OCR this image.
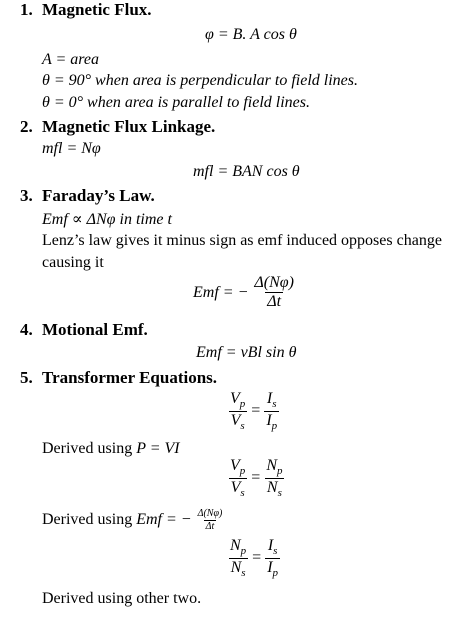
1. Magnetic Flux.
φ = B. A cos θ
A = area
θ = 90° when area is perpendicular to field lines.
θ = 0° when area is parallel to field lines.
2. Magnetic Flux Linkage.
mfl = Nφ
mfl = BAN cos θ
3. Faraday’s Law.
Emf ∝ ΔNφ in time t
Lenz’s law gives it minus sign as emf induced opposes change
causing it
Emf = − $\frac{\Delta(N\varphi)}{\Delta t}$
4. Motional Emf.
Emf = vBl sin θ
5. Transformer Equations.
$\frac{V_p}{V_s} = \frac{I_s}{I_p}$
Derived using P = VI
$\frac{V_p}{V_s} = \frac{N_p}{N_s}$
Derived using Emf = − $\frac{\Delta(N\varphi)}{\Delta t}$
$\frac{N_p}{N_s} = \frac{I_s}{I_p}$
Derived using other two.
